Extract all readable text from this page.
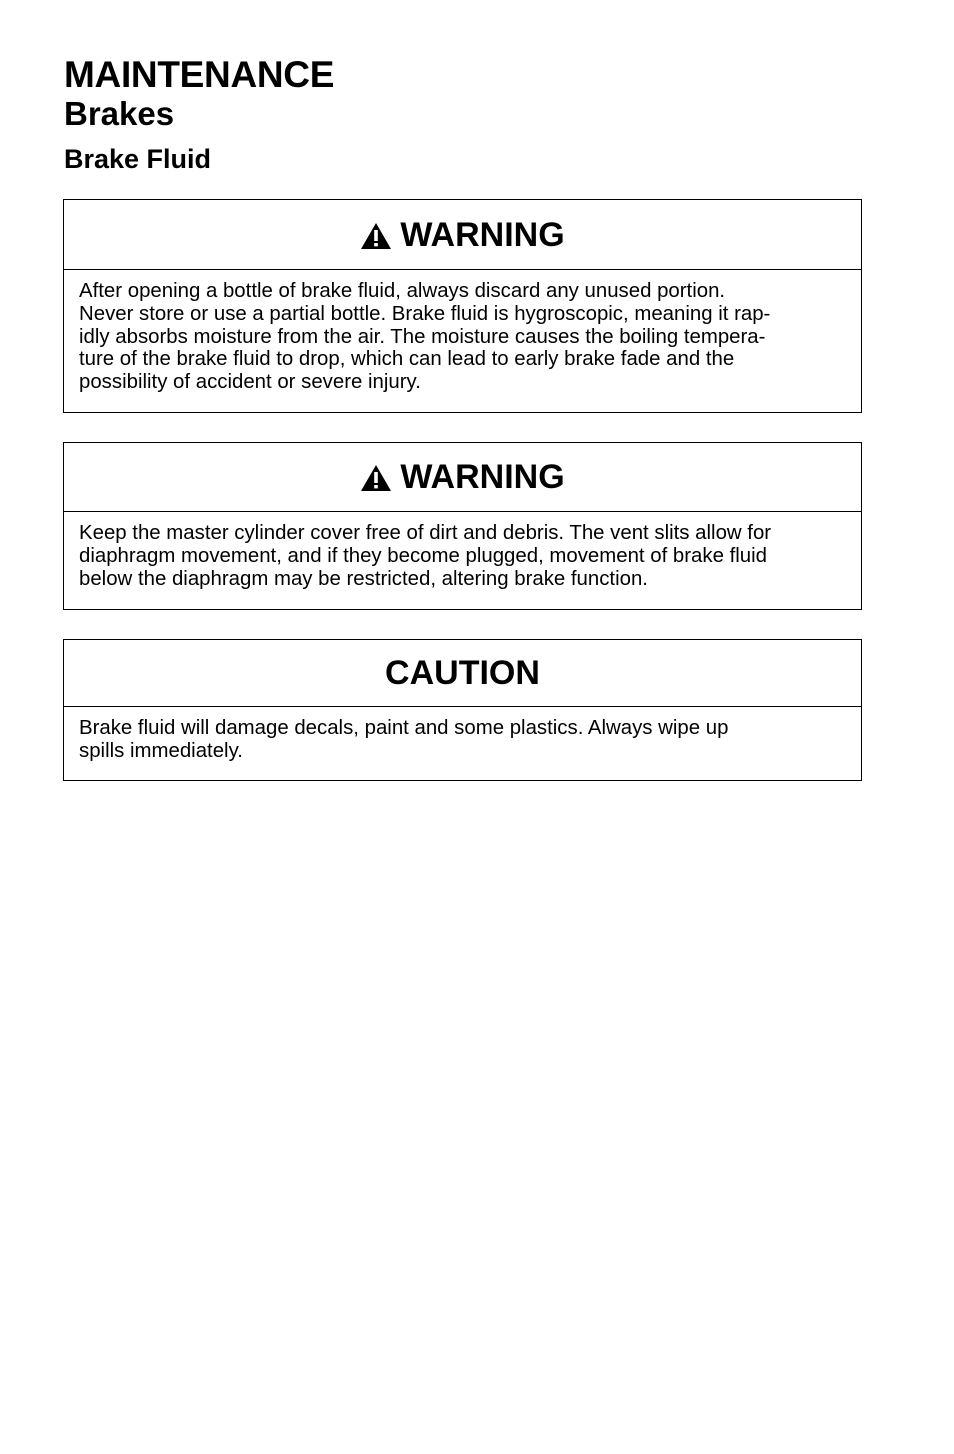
MAINTENANCE
Brakes
Brake Fluid
WARNING

After opening a bottle of brake fluid, always discard any unused portion.
Never store or use a partial bottle. Brake fluid is hygroscopic, meaning it rap-
idly absorbs moisture from the air. The moisture causes the boiling tempera-
ture of the brake fluid to drop, which can lead to early brake fade and the
possibility of accident or severe injury.

WARNING

Keep the master cylinder cover free of dirt and debris. The vent slits allow for
diaphragm movement, and if they become plugged, movement of brake fluid
below the diaphragm may be restricted, altering brake function.

CAUTION

Brake fluid will damage decals, paint and some plastics. Always wipe up
spills immediately.
